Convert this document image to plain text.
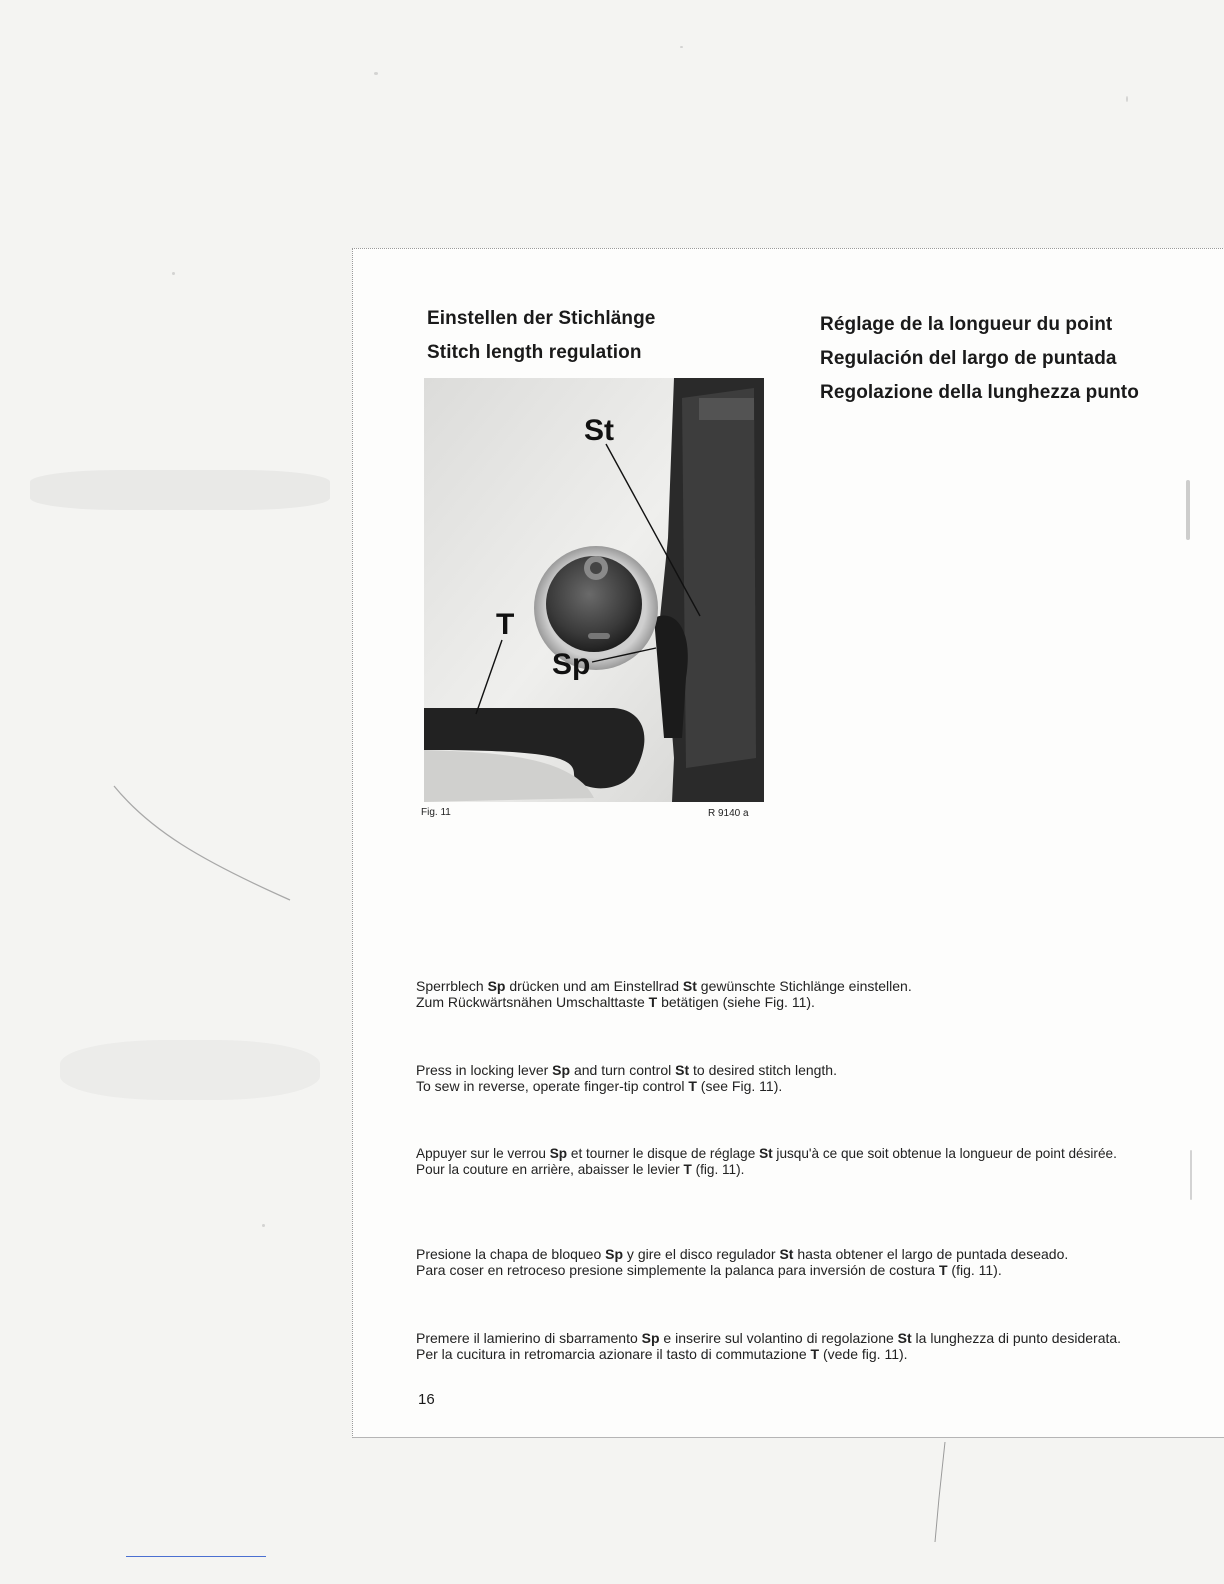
Einstellen der Stichlänge
Stitch length regulation
Réglage de la longueur du point
Regulación del largo de puntada
Regolazione della lunghezza punto
St
T
Sp
Fig. 11	R 9140 a

Sperrblech Sp drücken und am Einstellrad St gewünschte Stichlänge einstellen.

Zum Rückwärtsnähen Umschalttaste T betätigen (siehe Fig. 11).

Press in locking lever Sp and turn control St to desired stitch length.

To sew in reverse, operate finger-tip control T (see Fig. 11).

Appuyer sur le verrou Sp et tourner le disque de réglage St jusqu'à ce que soit obtenue la longueur de point désirée.

Pour la couture en arrière, abaisser le levier T (fig. 11).

Presione la chapa de bloqueo Sp y gire el disco regulador St hasta obtener el largo de puntada deseado.

Para coser en retroceso presione simplemente la palanca para inversión de costura T (fig. 11).

Premere il lamierino di sbarramento Sp e inserire sul volantino di regolazione St la lunghezza di punto desiderata.

Per la cucitura in retromarcia azionare il tasto di commutazione T (vede fig. 11).

16
